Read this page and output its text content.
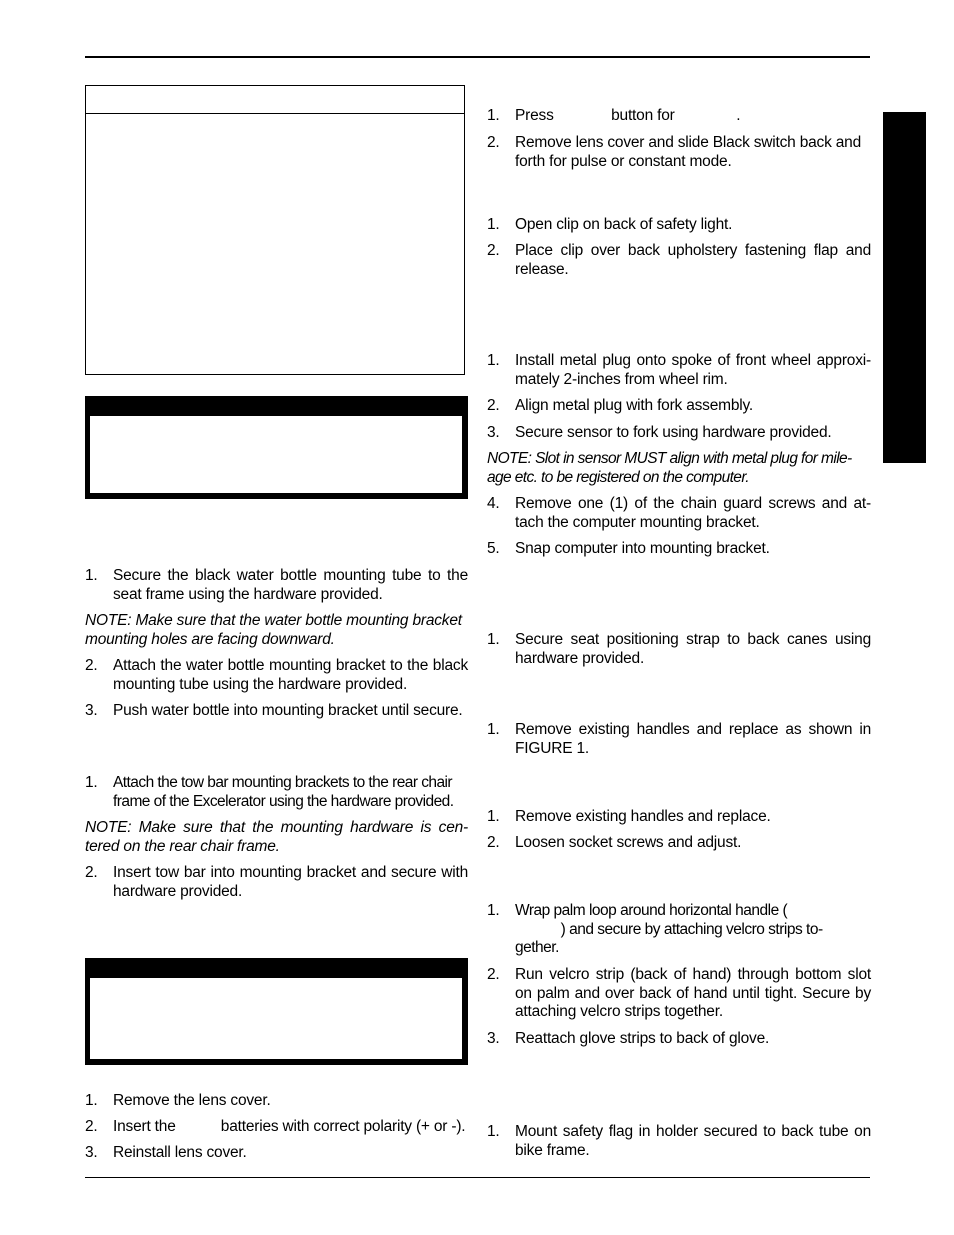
1. Secure the black water bottle mounting tube to the seat frame using the hardware provided.
NOTE: Make sure that the water bottle mounting bracket mounting holes are facing downward.
2. Attach the water bottle mounting bracket to the black mounting tube using the hardware provided.
3. Push water bottle into mounting bracket until secure.
1. Attach the tow bar mounting brackets to the rear chair frame of the Excelerator using the hardware provided.
NOTE: Make sure that the mounting hardware is cen-
tered on the rear chair frame.
2. Insert tow bar into mounting bracket and secure with hardware provided.
1. Remove the lens cover.
2. Insert the           batteries with correct polarity (+ or -).
3. Reinstall lens cover.
1. Press              button for               .
2. Remove lens cover and slide Black switch back and forth for pulse or constant mode.
1. Open clip on back of safety light.
2. Place clip over back upholstery fastening flap and release.
1. Install metal plug onto spoke of front wheel approxi-
mately 2-inches from wheel rim.
2. Align metal plug with fork assembly.
3. Secure sensor to fork using hardware provided.
NOTE: Slot in sensor MUST align with metal plug for mile-
age etc. to be registered on the computer.
4. Remove one (1) of the chain guard screws and at-
tach the computer mounting bracket.
5. Snap computer into mounting bracket.
1. Secure seat positioning strap to back canes using hardware provided.
1. Remove existing handles and replace as shown in FIGURE 1.
1. Remove existing handles and replace.
2. Loosen socket screws and adjust.
1. Wrap palm loop around horizontal handle (
) and secure by attaching velcro strips to-
gether.
2. Run velcro strip (back of hand) through bottom slot on palm and over back of hand until tight. Secure by attaching velcro strips together.
3. Reattach glove strips to back of glove.
1. Mount safety flag in holder secured to back tube on bike frame.
